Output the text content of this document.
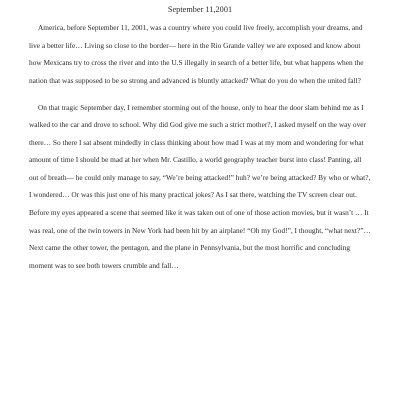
September 11,2001

America, before September 11, 2001, was a country where you could live freely, accomplish your dreams, and live a better life… Living so close to the border— here in the Rio Grande valley we are exposed and know about how Mexicans try to cross the river and into the U.S illegally in search of a better life, but what happens when the nation that was supposed to be so strong and advanced is bluntly attacked? What do you do when the united fall?

On that tragic September day, I remember storming out of the house, only to hear the door slam behind me as I walked to the car and drove to school. Why did God give me such a strict mother?, I asked myself on the way over there… So there I sat absent mindedly in class thinking about how mad I was at my mom and wondering for what amount of time I should be mad at her when Mr. Castillo, a world geography teacher burst into class! Panting, all out of breath— he could only manage to say, “We’re being attacked!” huh? we’re being attacked? By who or what?, I wondered… Or was this just one of his many practical jokes? As I sat there, watching the TV screen clear out. Before my eyes appeared a scene that seemed like it was taken out of one of those action movies, but it wasn’t … It was real, one of the twin towers in New York had been hit by an airplane! “Oh my God!”, I thought, “what next?”… Next came the other tower, the pentagon, and the plane in Pennsylvania, but the most horrific and concluding moment was to see both towers crumble and fall…
